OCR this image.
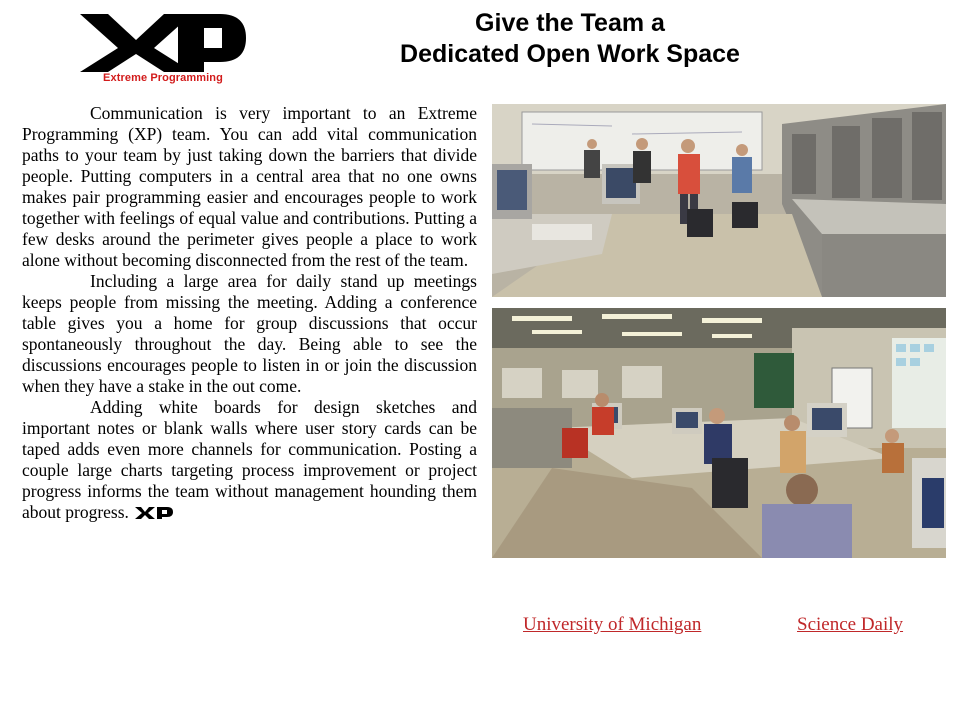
Extreme Programming
Give the Team a
Dedicated Open Work Space

Communication is very important to an Extreme Programming (XP) team. You can add vital communication paths to your team by just taking down the barriers that divide people. Putting computers in a central area that no one owns makes pair programming easier and encourages people to work together with feelings of equal value and contributions. Putting a few desks around the perimeter gives people a place to work alone without becoming disconnected from the rest of the team.

Including a large area for daily stand up meetings keeps people from missing the meeting. Adding a conference table gives you a home for group discussions that occur spontaneously throughout the day. Being able to see the discussions encourages people to listen in or join the discussion when they have a stake in the out come.

Adding white boards for design sketches and important notes or blank walls where user story cards can be taped adds even more channels for communication. Posting a couple large charts targeting process improvement or project progress informs the team without management hounding them about progress.

University of Michigan	Science Daily
